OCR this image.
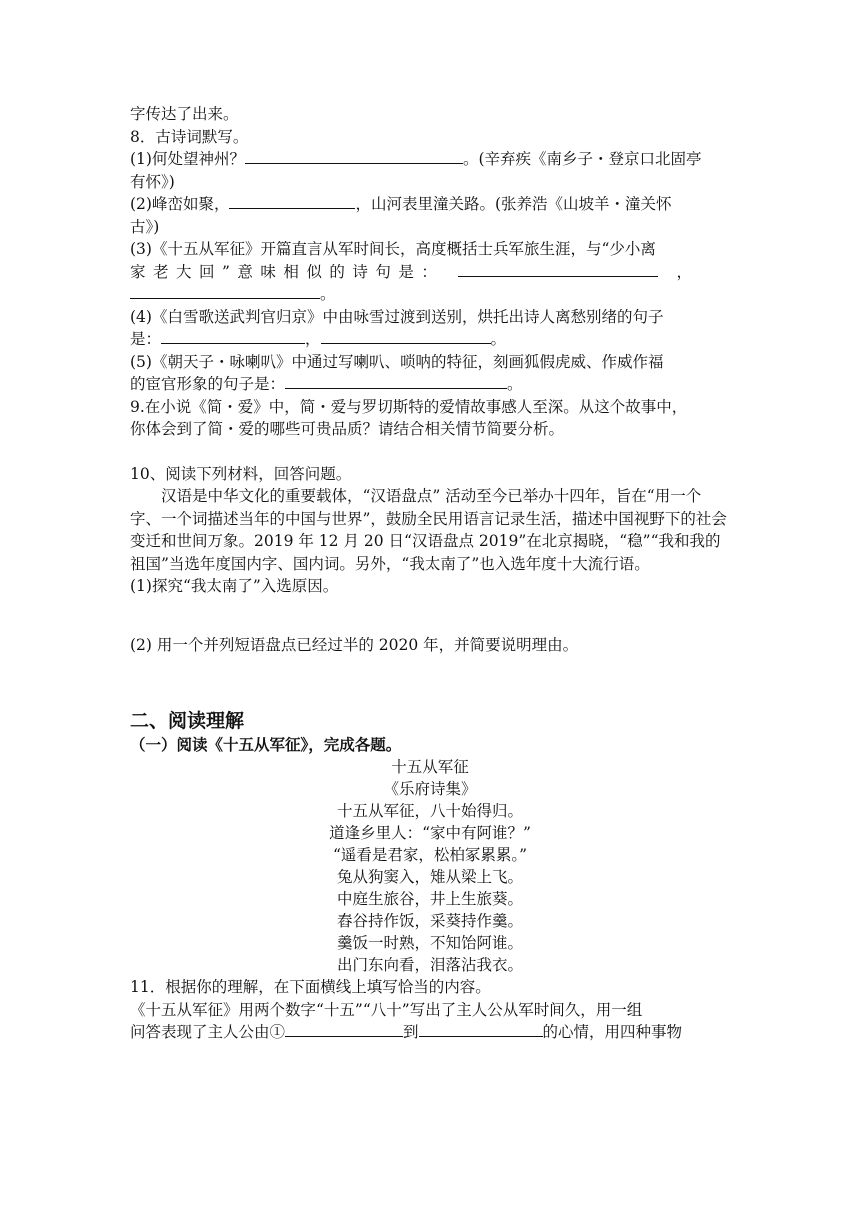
字传达了出来。
8．古诗词默写。
(1)何处望神州？	。(辛弃疾《南乡子・登京口北固亭
有怀》)
(2)峰峦如聚，	，山河表里潼关路。(张养浩《山坡羊・潼关怀
古》)
(3)《十五从军征》开篇直言从军时间长，高度概括士兵军旅生涯，与“少小离
家老大回”意味相似的诗句是：	，
。
(4)《白雪歌送武判官归京》中由咏雪过渡到送别，烘托出诗人离愁别绪的句子
是：	，	。
(5)《朝天子・咏喇叭》中通过写喇叭、唢呐的特征，刻画狐假虎威、作威作福
的宦官形象的句子是：	。
9.在小说《简・爱》中，简・爱与罗切斯特的爱情故事感人至深。从这个故事中，
你体会到了简・爱的哪些可贵品质？请结合相关情节简要分析。
10、阅读下列材料，回答问题。
汉语是中华文化的重要载体，“汉语盘点” 活动至今已举办十四年，旨在“用一个字、一个词描述当年的中国与世界”，鼓励全民用语言记录生活，描述中国视野下的社会变迁和世间万象。2019 年 12 月 20 日“汉语盘点 2019”在北京揭晓，“稳”“我和我的祖国”当选年度国内字、国内词。另外，“我太南了”也入选年度十大流行语。
(1)探究“我太南了”入选原因。
(2) 用一个并列短语盘点已经过半的 2020 年，并简要说明理由。
二、阅读理解
（一）阅读《十五从军征》，完成各题。
十五从军征
《乐府诗集》
十五从军征，八十始得归。
道逢乡里人：“家中有阿谁？”
“遥看是君家，松柏冢累累。”
兔从狗窦入，雉从梁上飞。
中庭生旅谷，井上生旅葵。
舂谷持作饭，采葵持作羹。
羹饭一时熟，不知饴阿谁。
出门东向看，泪落沾我衣。
11．根据你的理解，在下面横线上填写恰当的内容。
《十五从军征》用两个数字“十五”“八十”写出了主人公从军时间久，用一组
问答表现了主人公由①	到	的心情，用四种事物
